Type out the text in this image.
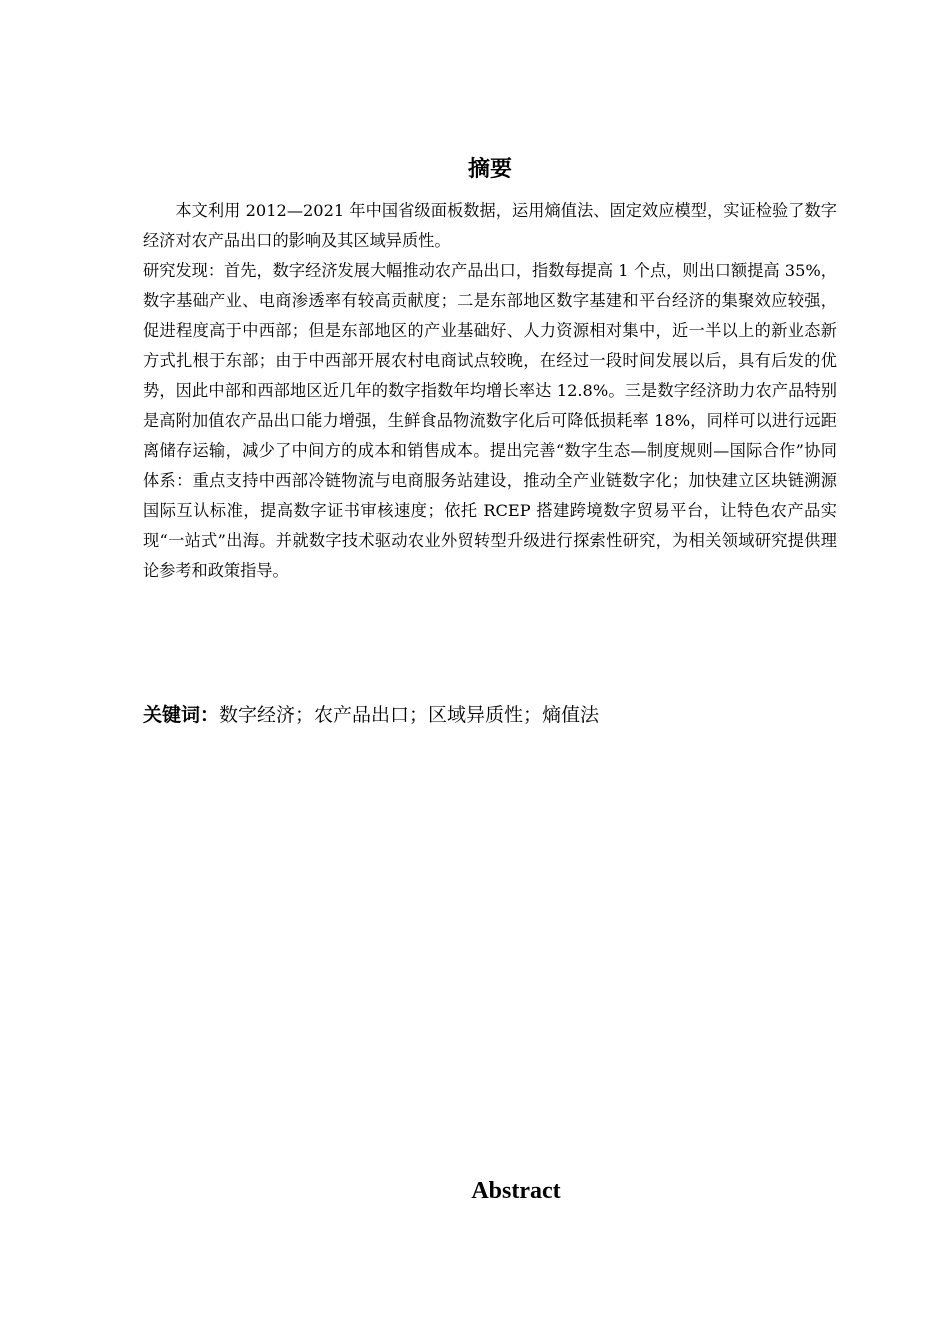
摘要

本文利用 2012—2021 年中国省级面板数据，运用熵值法、固定效应模型，实证检验了数字经济对农产品出口的影响及其区域异质性。

研究发现：首先，数字经济发展大幅推动农产品出口，指数每提高 1 个点，则出口额提高 35%，数字基础产业、电商渗透率有较高贡献度；二是东部地区数字基建和平台经济的集聚效应较强，促进程度高于中西部；但是东部地区的产业基础好、人力资源相对集中，近一半以上的新业态新方式扎根于东部；由于中西部开展农村电商试点较晚，在经过一段时间发展以后，具有后发的优势，因此中部和西部地区近几年的数字指数年均增长率达 12.8%。三是数字经济助力农产品特别是高附加值农产品出口能力增强，生鲜食品物流数字化后可降低损耗率 18%，同样可以进行远距离储存运输，减少了中间方的成本和销售成本。提出完善“数字生态—制度规则—国际合作”协同体系：重点支持中西部冷链物流与电商服务站建设，推动全产业链数字化；加快建立区块链溯源国际互认标准，提高数字证书审核速度；依托 RCEP 搭建跨境数字贸易平台，让特色农产品实现“一站式”出海。并就数字技术驱动农业外贸转型升级进行探索性研究，为相关领域研究提供理论参考和政策指导。

关键词：数字经济；农产品出口；区域异质性；熵值法
Abstract
